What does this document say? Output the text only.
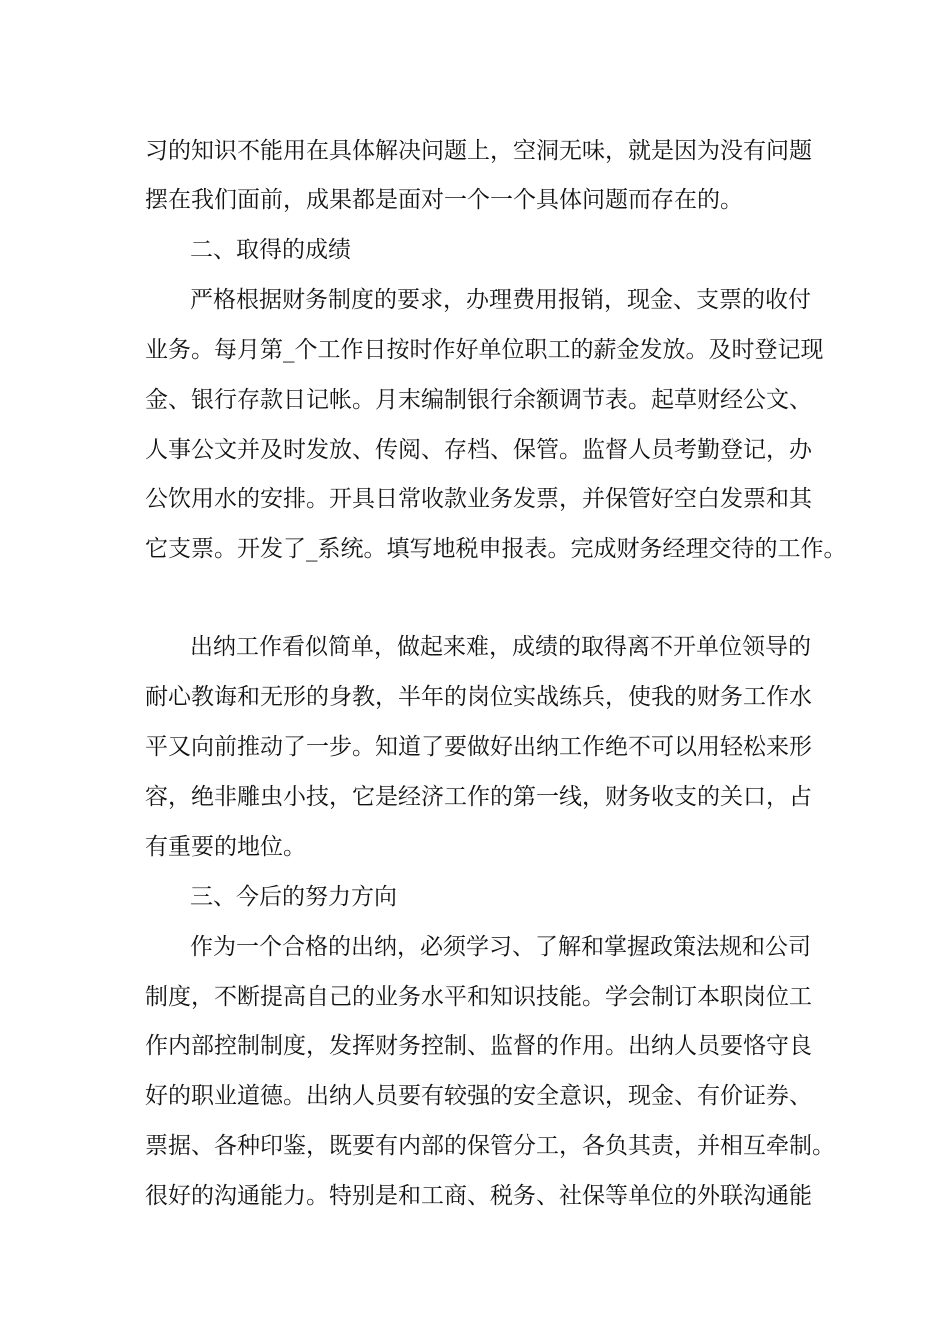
习的知识不能用在具体解决问题上，空洞无味，就是因为没有问题
摆在我们面前，成果都是面对一个一个具体问题而存在的。
二、取得的成绩
严格根据财务制度的要求，办理费用报销，现金、支票的收付
业务。每月第_个工作日按时作好单位职工的薪金发放。及时登记现
金、银行存款日记帐。月末编制银行余额调节表。起草财经公文、
人事公文并及时发放、传阅、存档、保管。监督人员考勤登记，办
公饮用水的安排。开具日常收款业务发票，并保管好空白发票和其
它支票。开发了_系统。填写地税申报表。完成财务经理交待的工作。
出纳工作看似简单，做起来难，成绩的取得离不开单位领导的
耐心教诲和无形的身教，半年的岗位实战练兵，使我的财务工作水
平又向前推动了一步。知道了要做好出纳工作绝不可以用轻松来形
容，绝非雕虫小技，它是经济工作的第一线，财务收支的关口，占
有重要的地位。
三、今后的努力方向
作为一个合格的出纳，必须学习、了解和掌握政策法规和公司
制度，不断提高自己的业务水平和知识技能。学会制订本职岗位工
作内部控制制度，发挥财务控制、监督的作用。出纳人员要恪守良
好的职业道德。出纳人员要有较强的安全意识，现金、有价证券、
票据、各种印鉴，既要有内部的保管分工，各负其责，并相互牵制。
很好的沟通能力。特别是和工商、税务、社保等单位的外联沟通能
